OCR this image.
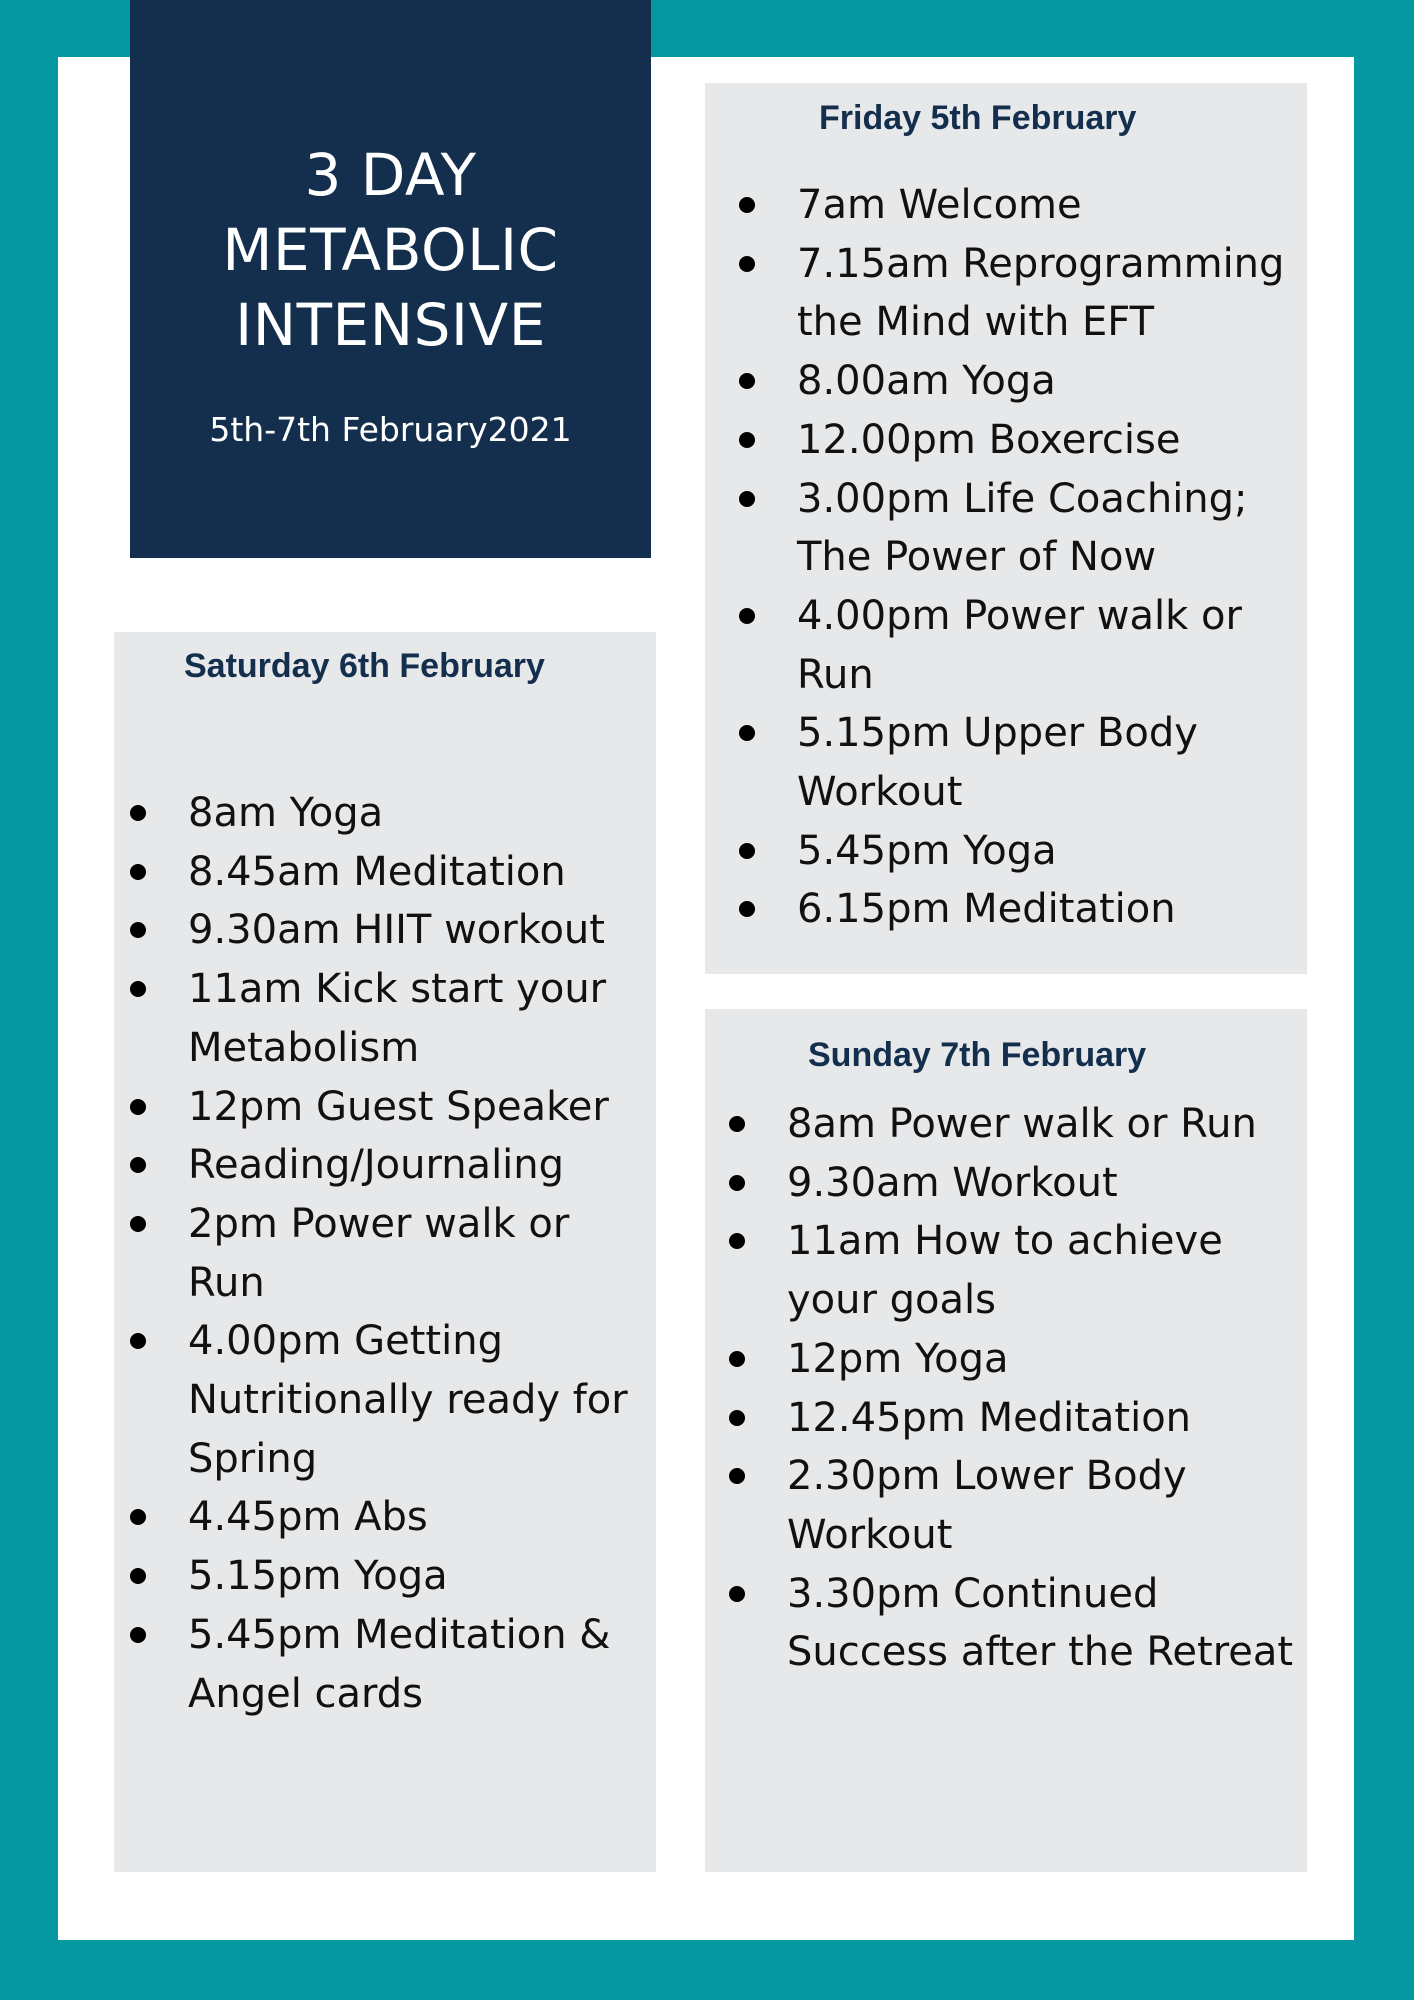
3 DAY
METABOLIC
INTENSIVE
5th-7th February2021
Friday 5th February
7am Welcome
7.15am Reprogramming the Mind with EFT
8.00am Yoga
12.00pm Boxercise
3.00pm Life Coaching; The Power of Now
4.00pm Power walk or Run
5.15pm Upper Body Workout
5.45pm Yoga
6.15pm Meditation
Saturday 6th February
8am Yoga
8.45am Meditation
9.30am HIIT workout
11am Kick start your Metabolism
12pm Guest Speaker
Reading/Journaling
2pm Power walk or Run
4.00pm Getting Nutritionally ready for Spring
4.45pm Abs
5.15pm Yoga
5.45pm Meditation & Angel cards
Sunday 7th February
8am Power walk or Run
9.30am Workout
11am How to achieve your goals
12pm Yoga
12.45pm Meditation
2.30pm Lower Body Workout
3.30pm Continued Success after the Retreat
